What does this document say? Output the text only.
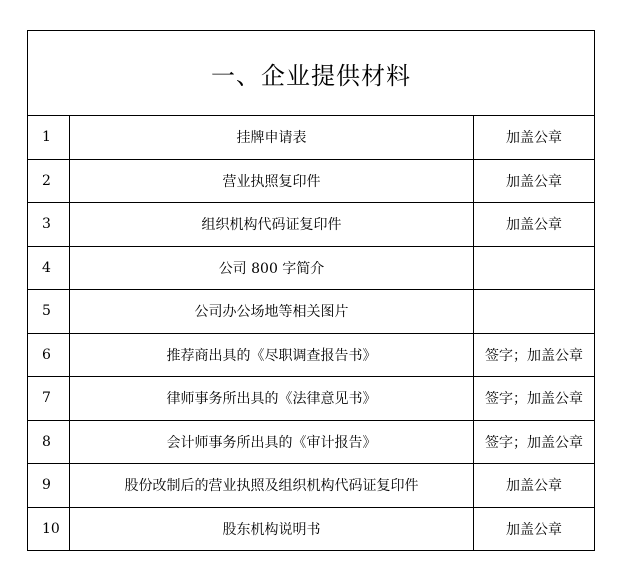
一、企业提供材料		
1	挂牌申请表	加盖公章
2	营业执照复印件	加盖公章
3	组织机构代码证复印件	加盖公章
4	公司 800 字简介	
5	公司办公场地等相关图片	
6	推荐商出具的《尽职调查报告书》	签字；加盖公章
7	律师事务所出具的《法律意见书》	签字；加盖公章
8	会计师事务所出具的《审计报告》	签字；加盖公章
9	股份改制后的营业执照及组织机构代码证复印件	加盖公章
10	股东机构说明书	加盖公章
